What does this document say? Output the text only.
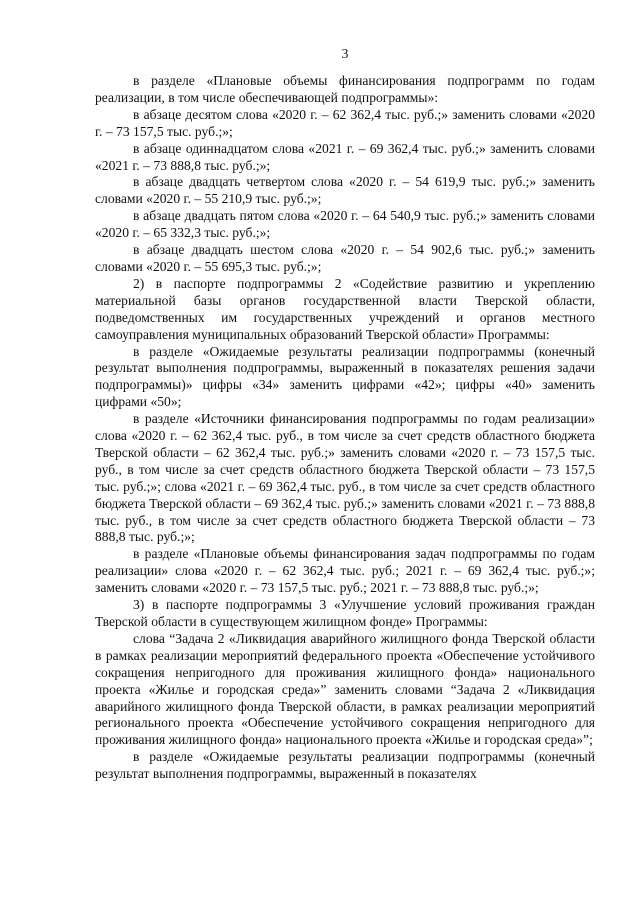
3

в разделе «Плановые объемы финансирования подпрограмм по годам реализации, в том числе обеспечивающей подпрограммы»:

в абзаце десятом слова «2020 г. – 62 362,4 тыс. руб.;» заменить словами «2020 г. – 73 157,5 тыс. руб.;»;

в абзаце одиннадцатом слова «2021 г. – 69 362,4 тыс. руб.;» заменить словами «2021 г. – 73 888,8 тыс. руб.;»;

в абзаце двадцать четвертом слова «2020 г. – 54 619,9 тыс. руб.;» заменить словами «2020 г. – 55 210,9 тыс. руб.;»;

в абзаце двадцать пятом слова «2020 г. – 64 540,9 тыс. руб.;» заменить словами «2020 г. – 65 332,3 тыс. руб.;»;

в абзаце двадцать шестом слова «2020 г. – 54 902,6 тыс. руб.;» заменить словами «2020 г. – 55 695,3 тыс. руб.;»;

2) в паспорте подпрограммы 2 «Содействие развитию и укреплению материальной базы органов государственной власти Тверской области, подведомственных им государственных учреждений и органов местного самоуправления муниципальных образований Тверской области» Программы:

в разделе «Ожидаемые результаты реализации подпрограммы (конечный результат выполнения подпрограммы, выраженный в показателях решения задачи подпрограммы)» цифры «34» заменить цифрами «42»; цифры «40» заменить цифрами «50»;

в разделе «Источники финансирования подпрограммы по годам реализации» слова «2020 г. – 62 362,4 тыс. руб., в том числе за счет средств областного бюджета Тверской области – 62 362,4 тыс. руб.;» заменить словами «2020 г. – 73 157,5 тыс. руб., в том числе за счет средств областного бюджета Тверской области – 73 157,5 тыс. руб.;»; слова «2021 г. – 69 362,4 тыс. руб., в том числе за счет средств областного бюджета Тверской области – 69 362,4 тыс. руб.;» заменить словами «2021 г. – 73 888,8 тыс. руб., в том числе за счет средств областного бюджета Тверской области – 73 888,8 тыс. руб.;»;

в разделе «Плановые объемы финансирования задач подпрограммы по годам реализации» слова «2020 г. – 62 362,4 тыс. руб.; 2021 г. – 69 362,4 тыс. руб.;»; заменить словами «2020 г. – 73 157,5 тыс. руб.; 2021 г. – 73 888,8 тыс. руб.;»;

3) в паспорте подпрограммы 3 «Улучшение условий проживания граждан Тверской области в существующем жилищном фонде» Программы:

слова “Задача 2 «Ликвидация аварийного жилищного фонда Тверской области в рамках реализации мероприятий федерального проекта «Обеспечение устойчивого сокращения непригодного для проживания жилищного фонда» национального проекта «Жилье и городская среда»” заменить словами “Задача 2 «Ликвидация аварийного жилищного фонда Тверской области, в рамках реализации мероприятий регионального проекта «Обеспечение устойчивого сокращения непригодного для проживания жилищного фонда» национального проекта «Жилье и городская среда»”;

в разделе «Ожидаемые результаты реализации подпрограммы (конечный результат выполнения подпрограммы, выраженный в показателях
